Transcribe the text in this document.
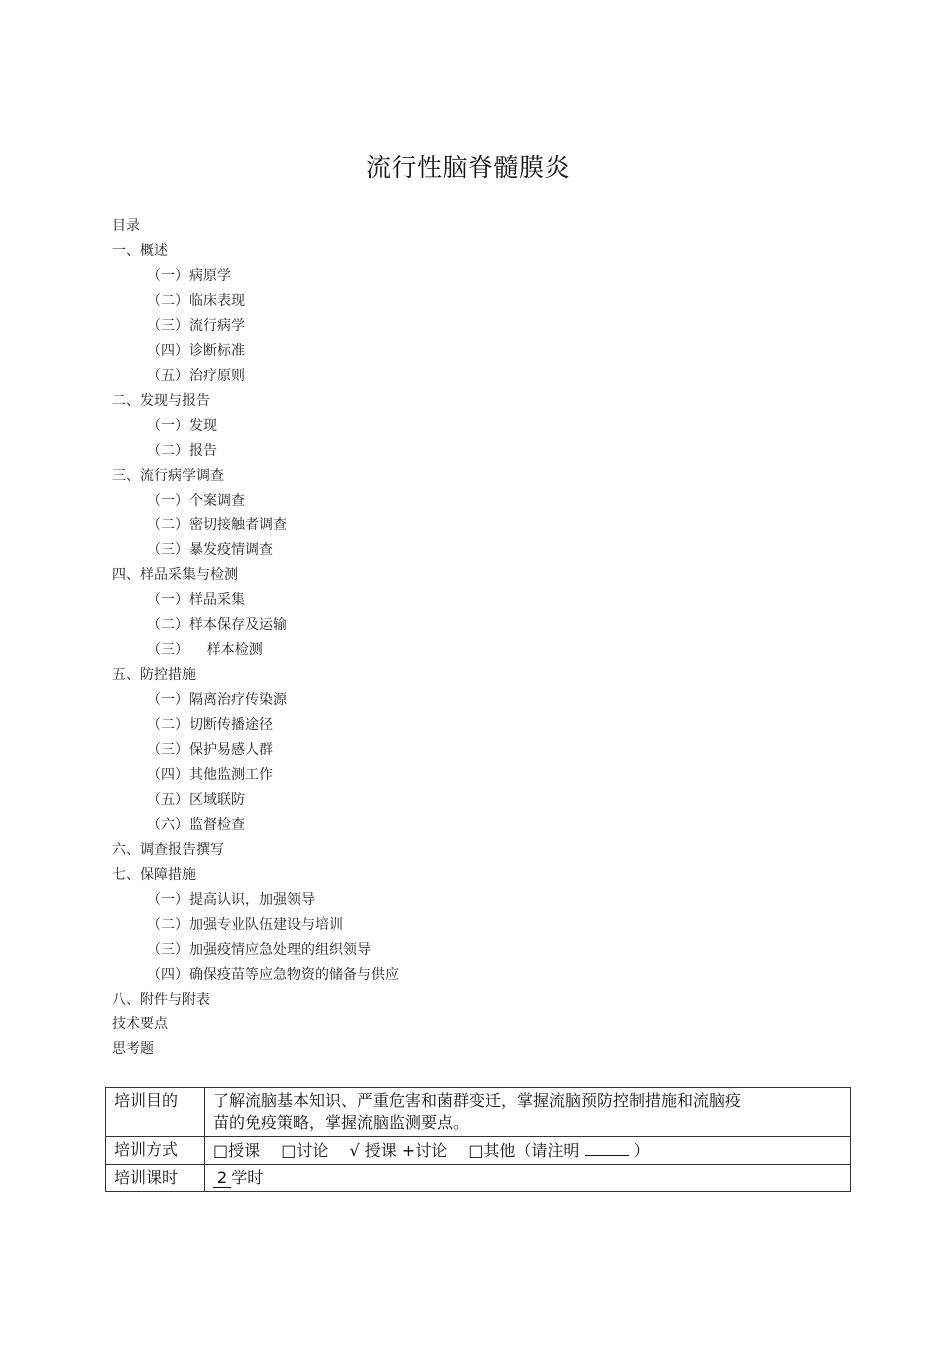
流行性脑脊髓膜炎
目录
一、概述
（一）病原学
（二）临床表现
（三）流行病学
（四）诊断标准
（五）治疗原则
二、发现与报告
（一）发现
（二）报告
三、流行病学调查
（一）个案调查
（二）密切接触者调查
（三）暴发疫情调查
四、样品采集与检测
（一）样品采集
（二）样本保存及运输
（三）    样本检测
五、防控措施
（一）隔离治疗传染源
（二）切断传播途径
（三）保护易感人群
（四）其他监测工作
（五）区域联防
（六）监督检查
六、调查报告撰写
七、保障措施
（一）提高认识，加强领导
（二）加强专业队伍建设与培训
（三）加强疫情应急处理的组织领导
（四）确保疫苗等应急物资的储备与供应
八、附件与附表
技术要点
思考题
培训目的	了解流脑基本知识、严重危害和菌群变迁，掌握流脑预防控制措施和流脑疫
苗的免疫策略，掌握流脑监测要点。

培训方式	□授课 □讨论 √ 授课 +讨论 □其他（请注明 ）
培训课时	2 学时
